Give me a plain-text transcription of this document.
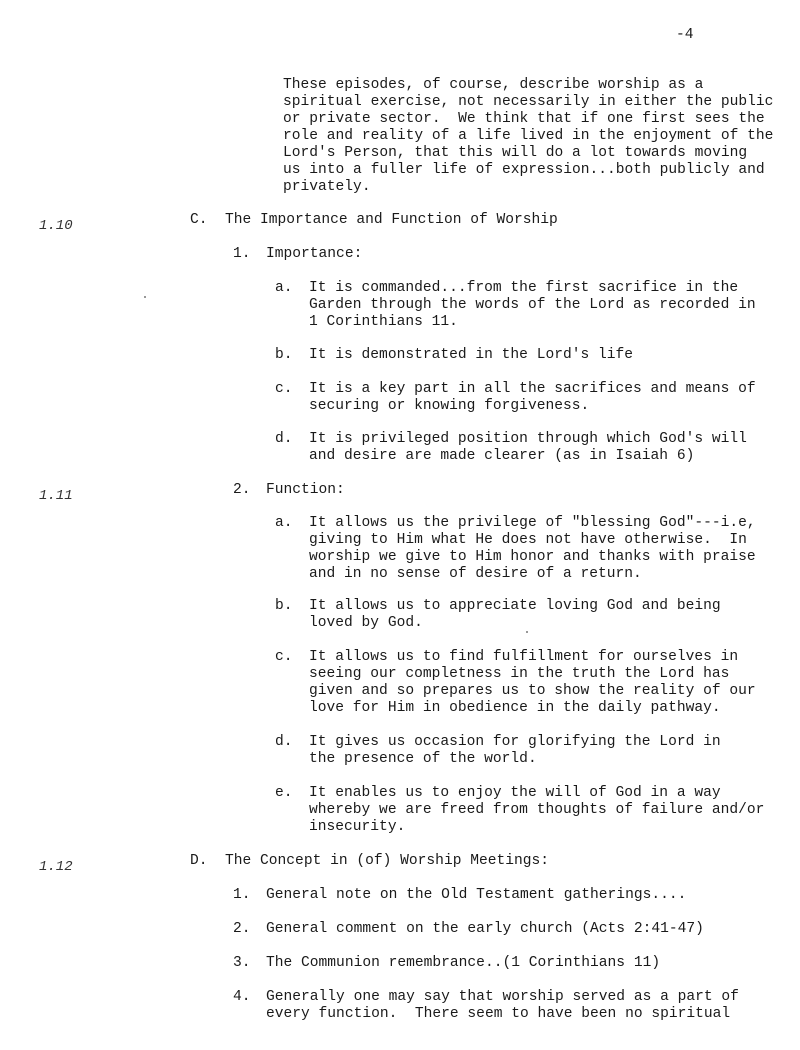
-4
These episodes, of course, describe worship as a
spiritual exercise, not necessarily in either the public
or private sector.  We think that if one first sees the
role and reality of a life lived in the enjoyment of the
Lord's Person, that this will do a lot towards moving
us into a fuller life of expression...both publicly and
privately.
1.10	C. The Importance and Function of Worship
1. Importance:
a. It is commanded...from the first sacrifice in the
Garden through the words of the Lord as recorded in
1 Corinthians 11.
b. It is demonstrated in the Lord's life
c. It is a key part in all the sacrifices and means of
securing or knowing forgiveness.
d. It is privileged position through which God's will
and desire are made clearer (as in Isaiah 6)
1.11	2. Function:
a. It allows us the privilege of "blessing God"---i.e,
giving to Him what He does not have otherwise.  In
worship we give to Him honor and thanks with praise
and in no sense of desire of a return.
b. It allows us to appreciate loving God and being
loved by God.
c. It allows us to find fulfillment for ourselves in
seeing our completness in the truth the Lord has
given and so prepares us to show the reality of our
love for Him in obedience in the daily pathway.
d. It gives us occasion for glorifying the Lord in
the presence of the world.
e. It enables us to enjoy the will of God in a way
whereby we are freed from thoughts of failure and/or
insecurity.
1.12	D. The Concept in (of) Worship Meetings:
1. General note on the Old Testament gatherings....
2. General comment on the early church (Acts 2:41-47)
3. The Communion remembrance..(1 Corinthians 11)
4. Generally one may say that worship served as a part of
every function.  There seem to have been no spiritual
